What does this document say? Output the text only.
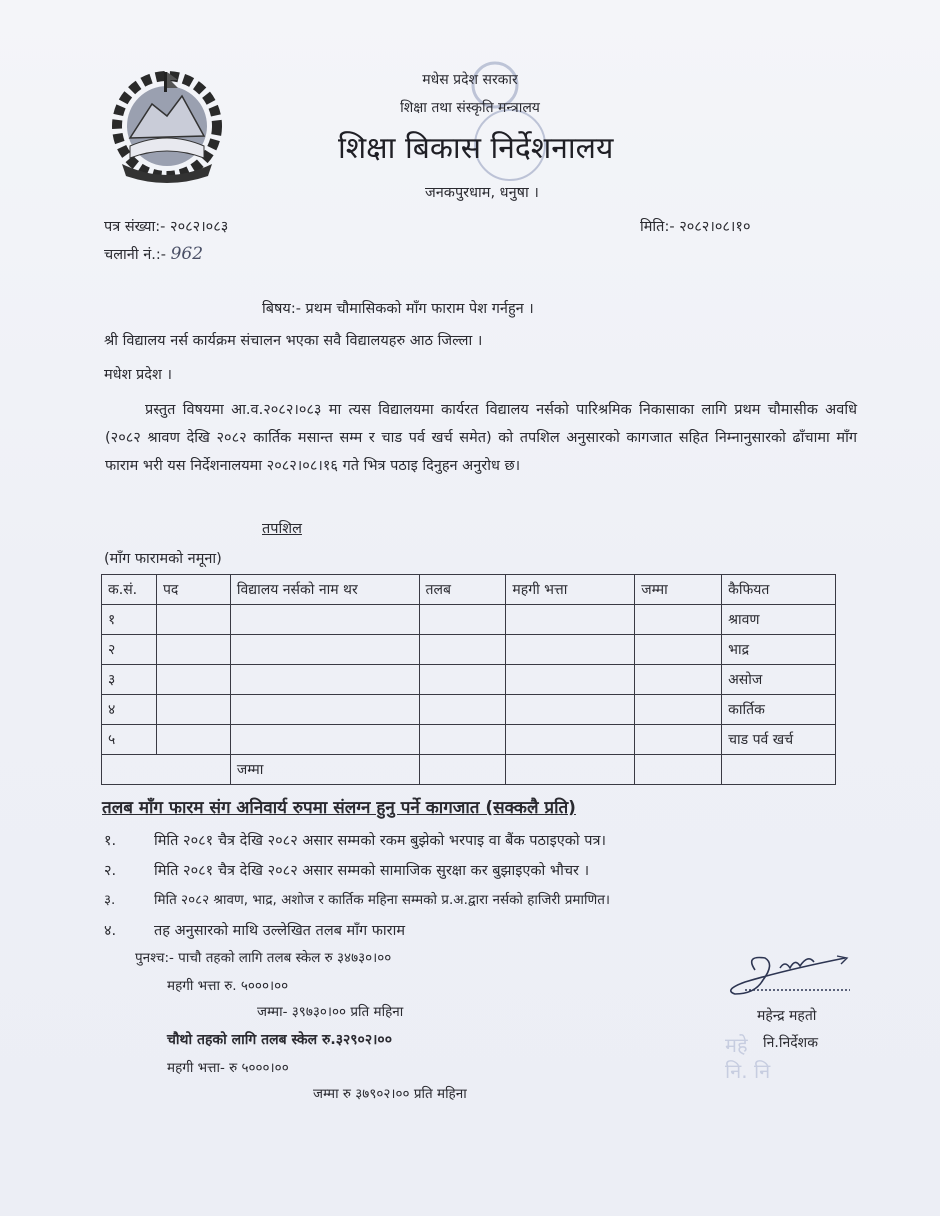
मधेस प्रदेश सरकार
शिक्षा तथा संस्कृति मन्त्रालय
शिक्षा बिकास निर्देशनालय
जनकपुरधाम, धनुषा ।
पत्र संख्या:- २०८२।०८३
चलानी नं.:- 962
मिति:- २०८२।०८।१०
बिषय:- प्रथम चौमासिकको माँग फाराम पेश गर्नहुन ।
श्री विद्यालय नर्स कार्यक्रम संचालन भएका सवै विद्यालयहरु आठ जिल्ला ।
मधेश प्रदेश ।
प्रस्तुत विषयमा आ.व.२०८२।०८३ मा त्यस विद्यालयमा कार्यरत विद्यालय नर्सको पारिश्रमिक निकासाका लागि प्रथम चौमासीक अवधि (२०८२ श्रावण देखि २०८२ कार्तिक मसान्त सम्म र चाड पर्व खर्च समेत) को तपशिल अनुसारको कागजात सहित निम्नानुसारको ढाँचामा माँग फाराम भरी यस निर्देशनालयमा २०८२।०८।१६ गते भित्र पठाइ दिनुहन अनुरोध छ।
तपशिल
(माँग फारामको नमूना)
क.सं.	पद	विद्यालय नर्सको नाम थर	तलब	महगी भत्ता	जम्मा	कैफियत
१						श्रावण
२						भाद्र
३						असोज
४						कार्तिक
५						चाड पर्व खर्च
		जम्मा				
तलब माँग फारम संग अनिवार्य रुपमा संलग्न हुनु पर्ने कागजात (सक्कलै प्रति)
१.	मिति २०८१ चैत्र देखि २०८२ असार सम्मको रकम बुझेको भरपाइ वा बैंक पठाइएको पत्र।
२.	मिति २०८१ चैत्र देखि २०८२ असार सम्मको सामाजिक सुरक्षा कर बुझाइएको भौचर ।
३.	मिति २०८२ श्रावण, भाद्र, अशोज र कार्तिक महिना सम्मको प्र.अ.द्वारा नर्सको हाजिरी प्रमाणित।
४.	तह अनुसारको माथि उल्लेखित तलब माँग फाराम
पुनश्च:- पाचौ तहको लागि तलब स्केल रु ३४७३०।००
महगी भत्ता रु. ५०००।००
जम्मा- ३९७३०।०० प्रति महिना
चौथो तहको लागि तलब स्केल रु.३२९०२।००
महगी भत्ता- रु ५०००।००
जम्मा रु ३७९०२।०० प्रति महिना
महेन्द्र महतो
नि.निर्देशक
महे
नि. नि
